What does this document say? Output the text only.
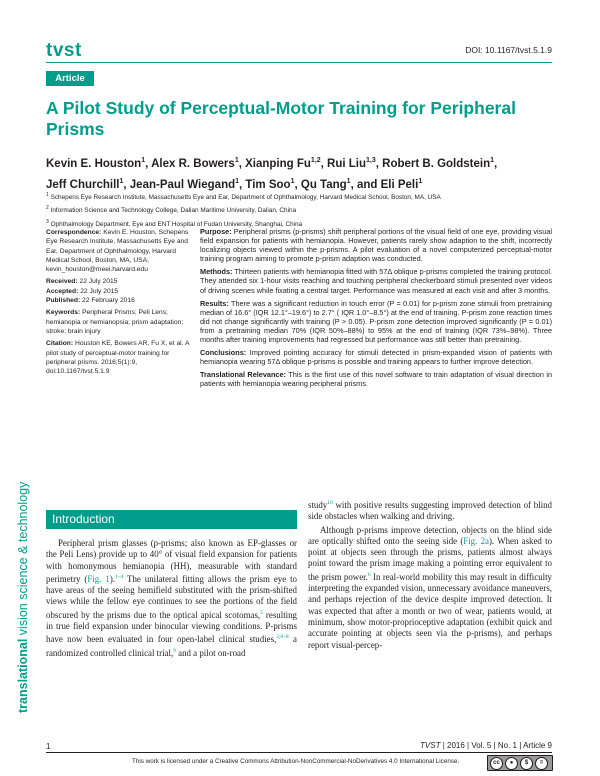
tvst	DOI: 10.1167/tvst.5.1.9
Article
A Pilot Study of Perceptual-Motor Training for Peripheral Prisms
Kevin E. Houston$^1$, Alex R. Bowers$^1$, Xianping Fu$^{1,2}$, Rui Liu$^{1,3}$, Robert B. Goldstein$^1$,
Jeff Churchill$^1$, Jean-Paul Wiegand$^1$, Tim Soo$^1$, Qu Tang$^1$, and Eli Peli$^1$
$^1$ Schepens Eye Research Institute, Massachusetts Eye and Ear, Department of Ophthalmology, Harvard Medical School, Boston, MA, USA
$^2$ Information Science and Technology College, Dalian Maritime University, Dalian, China
$^3$ Ophthalmology Department, Eye and ENT Hospital of Fudan University, Shanghai, China
Correspondence: Kevin E. Houston, Schepens Eye Research Institute, Massachusetts Eye and Ear, Department of Ophthalmology, Harvard Medical School, Boston, MA, USA; kevin_houston@meei.harvard.edu
Received: 22 July 2015
Accepted: 22 July 2015
Published: 22 February 2016
Keywords: Peripheral Prisms; Peli Lens; hemianopia or hemianopsia; prism adaptation; stroke; brain injury
Citation: Houston KE, Bowers AR, Fu X, et al. A pilot study of perceptual-motor training for peripheral prisms. 2016;5(1):9, doi:10.1167/tvst.5.1.9

Purpose: Peripheral prisms (p-prisms) shift peripheral portions of the visual field of one eye, providing visual field expansion for patients with hemianopia. However, patients rarely show adaption to the shift, incorrectly localizing objects viewed within the p-prisms. A pilot evaluation of a novel computerized perceptual-motor training program aiming to promote p-prism adaption was conducted.

Methods: Thirteen patients with hemianopia fitted with 57Δ oblique p-prisms completed the training protocol. They attended six 1-hour visits reaching and touching peripheral checkerboard stimuli presented over videos of driving scenes while fixating a central target. Performance was measured at each visit and after 3 months.

Results: There was a significant reduction in touch error (P = 0.01) for p-prism zone stimuli from pretraining median of 16.6° (IQR 12.1°–19.6°) to 2.7° ( IQR 1.0°–8.5°) at the end of training. P-prism zone reaction times did not change significantly with training (P > 0.05). P-prism zone detection improved significantly (P = 0.01) from a pretraining median 70% (IQR 50%–88%) to 95% at the end of training (IQR 73%–98%). Three months after training improvements had regressed but performance was still better than pretraining.

Conclusions: Improved pointing accuracy for stimuli detected in prism-expanded vision of patients with hemianopia wearing 57Δ oblique p-prisms is possible and training appears to further improve detection.

Translational Relevance: This is the first use of this novel software to train adaptation of visual direction in patients with hemianopia wearing peripheral prisms.

translational vision science & technology Introduction
Peripheral prism glasses (p-prisms; also known as EP-glasses or the Peli Lens) provide up to 40° of visual field expansion for patients with homonymous hemianopia (HH), measurable with standard perimetry (Fig. 1).$^{1-4}$ The unilateral fitting allows the prism eye to have areas of the seeing hemifield substituted with the prism-shifted views while the fellow eye continues to see the portions of the field obscured by the prisms due to the optical apical scotomas,$^5$ resulting in true field expansion under binocular viewing conditions. P-prisms have now been evaluated in four open-label clinical studies,$^{3,6-8}$ a randomized controlled clinical trial,$^9$ and a pilot on-road
study$^{10}$ with positive results suggesting improved detection of blind side obstacles when walking and driving.
Although p-prisms improve detection, objects on the blind side are optically shifted onto the seeing side (Fig. 2a). When asked to point at objects seen through the prisms, patients almost always point toward the prism image making a pointing error equivalent to the prism power.$^6$ In real-world mobility this may result in difficulty interpreting the expanded vision, unnecessary avoidance maneuvers, and perhaps rejection of the device despite improved detection. It was expected that after a month or two of wear, patients would, at minimum, show motor-proprioceptive adaptation (exhibit quick and accurate pointing at objects seen via the p-prisms), and perhaps report visual-percep-
1	TVST | 2016 | Vol. 5 | No. 1 | Article 9
This work is licensed under a Creative Commons Attribution-NonCommercial-NoDerivatives 4.0 International License.	cc	●	$	=
